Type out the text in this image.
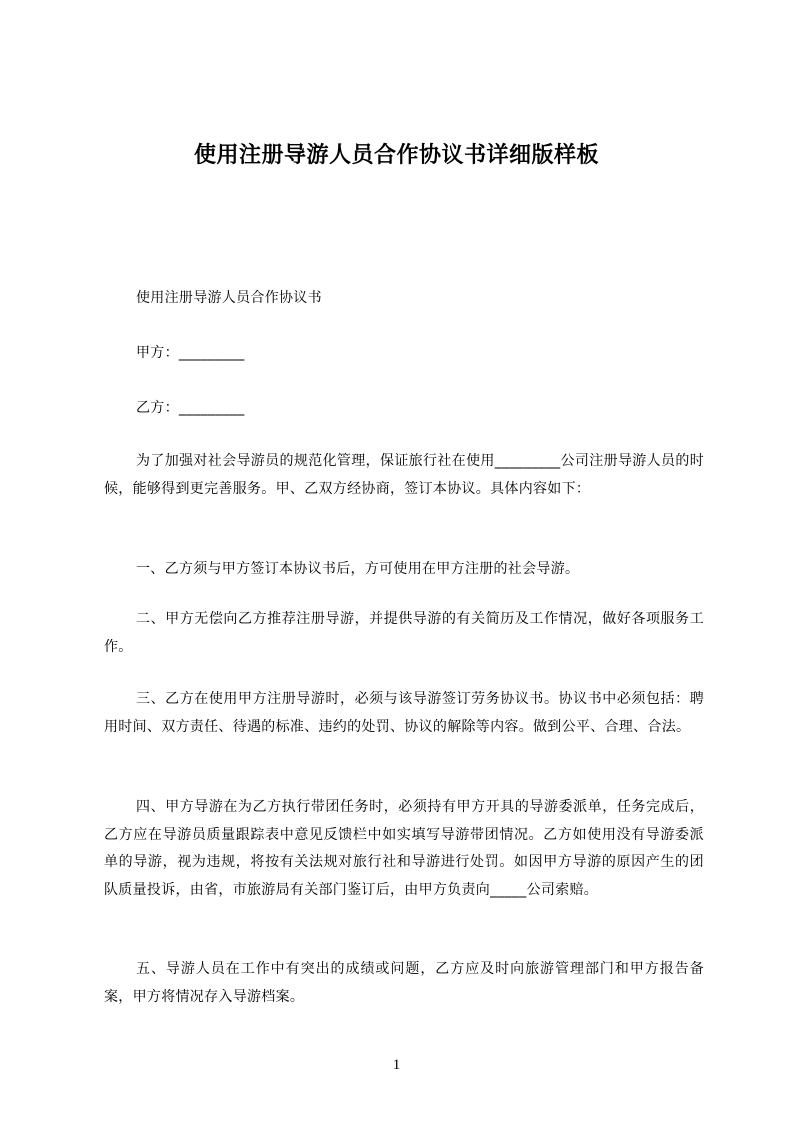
使用注册导游人员合作协议书详细版样板
使用注册导游人员合作协议书
甲方：_________
乙方：_________
为了加强对社会导游员的规范化管理，保证旅行社在使用_________公司注册导游人员的时候，能够得到更完善服务。甲、乙双方经协商，签订本协议。具体内容如下：
一、乙方须与甲方签订本协议书后，方可使用在甲方注册的社会导游。
二、甲方无偿向乙方推荐注册导游，并提供导游的有关简历及工作情况，做好各项服务工作。
三、乙方在使用甲方注册导游时，必须与该导游签订劳务协议书。协议书中必须包括：聘用时间、双方责任、待遇的标准、违约的处罚、协议的解除等内容。做到公平、合理、合法。
四、甲方导游在为乙方执行带团任务时，必须持有甲方开具的导游委派单，任务完成后，乙方应在导游员质量跟踪表中意见反馈栏中如实填写导游带团情况。乙方如使用没有导游委派单的导游，视为违规，将按有关法规对旅行社和导游进行处罚。如因甲方导游的原因产生的团队质量投诉，由省，市旅游局有关部门鉴订后，由甲方负责向_____公司索赔。
五、导游人员在工作中有突出的成绩或问题，乙方应及时向旅游管理部门和甲方报告备案，甲方将情况存入导游档案。
1
